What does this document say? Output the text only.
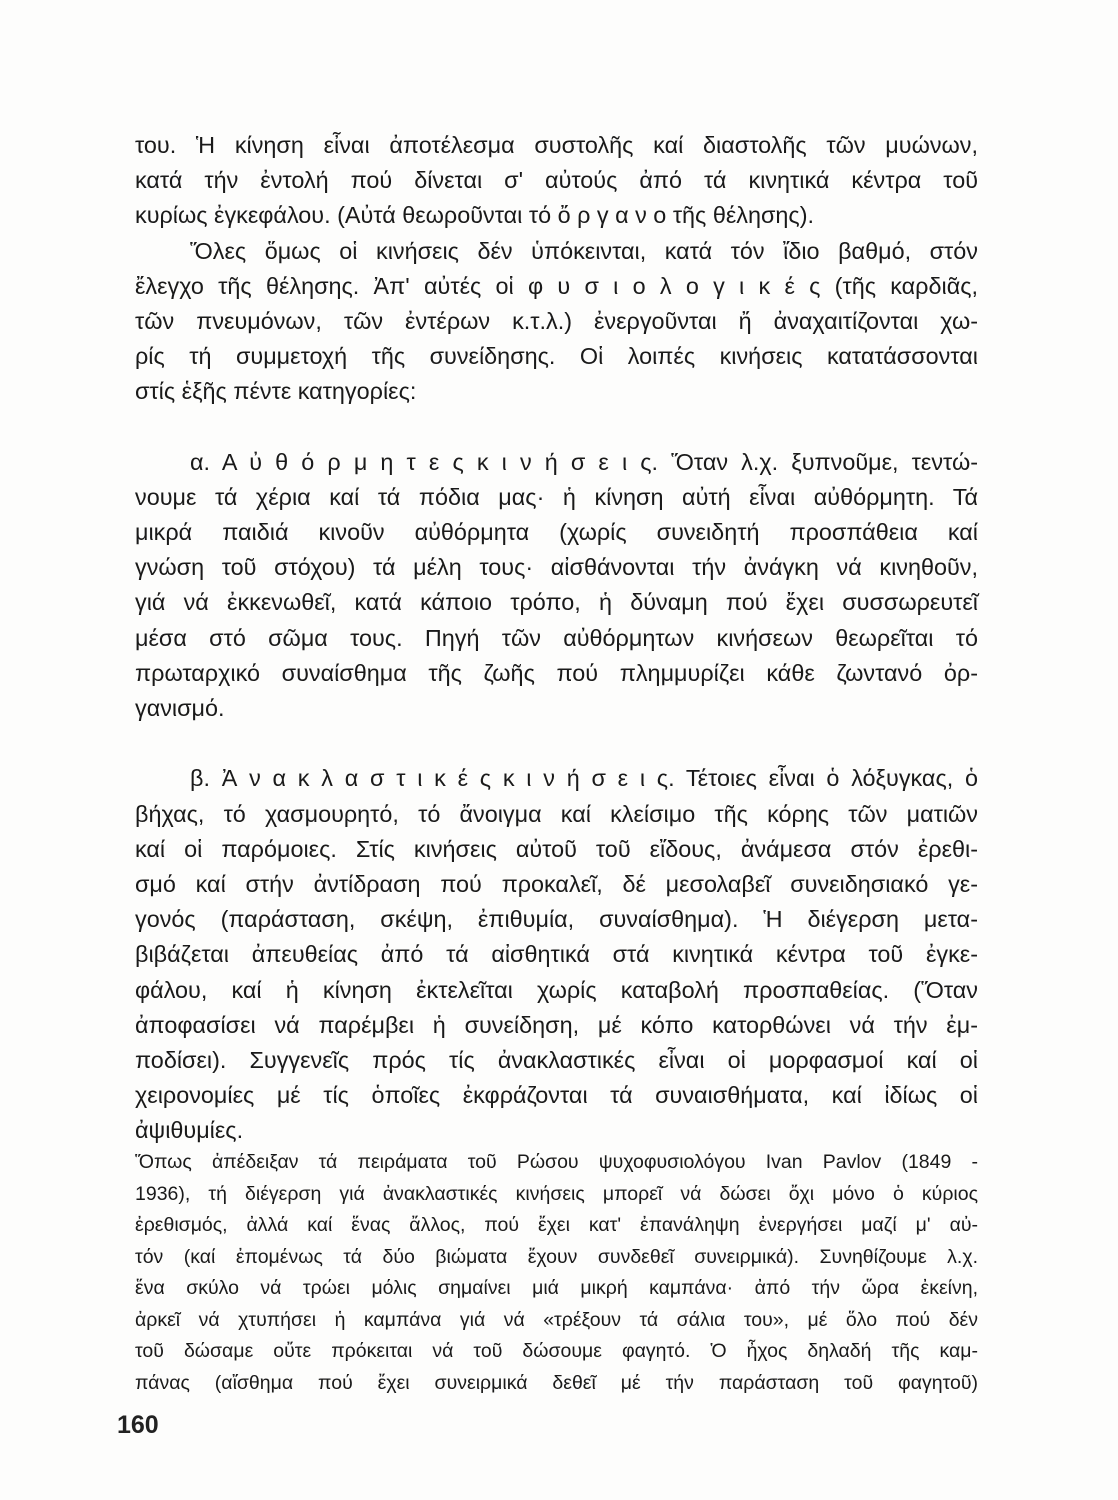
του. Ἡ κίνηση εἶναι ἀποτέλεσμα συστολῆς καί διαστολῆς τῶν μυώνων,
κατά τήν ἐντολή πού δίνεται σ' αὐτούς ἀπό τά κινητικά κέντρα τοῦ
κυρίως ἐγκεφάλου. (Αὐτά θεωροῦνται τό ὄ ρ γ α ν ο τῆς θέλησης).
Ὅλες ὅμως οἱ κινήσεις δέν ὑπόκεινται, κατά τόν ἴδιο βαθμό, στόν
ἔλεγχο τῆς θέλησης. Ἀπ' αὐτές οἱ φ υ σ ι ο λ ο γ ι κ έ ς (τῆς καρδιᾶς,
τῶν πνευμόνων, τῶν ἐντέρων κ.τ.λ.) ἐνεργοῦνται ἤ ἀναχαιτίζονται χω-
ρίς τή συμμετοχή τῆς συνείδησης. Οἱ λοιπές κινήσεις κατατάσσονται
στίς ἑξῆς πέντε κατηγορίες:

α. Α ὐ θ ό ρ μ η τ ε ς κ ι ν ή σ ε ι ς. Ὅταν λ.χ. ξυπνοῦμε, τεντώ-
νουμε τά χέρια καί τά πόδια μας· ἡ κίνηση αὐτή εἶναι αὐθόρμητη. Τά
μικρά παιδιά κινοῦν αὐθόρμητα (χωρίς συνειδητή προσπάθεια καί
γνώση τοῦ στόχου) τά μέλη τους· αἰσθάνονται τήν ἀνάγκη νά κινηθοῦν,
γιά νά ἐκκενωθεῖ, κατά κάποιο τρόπο, ἡ δύναμη πού ἔχει συσσωρευτεῖ
μέσα στό σῶμα τους. Πηγή τῶν αὐθόρμητων κινήσεων θεωρεῖται τό
πρωταρχικό συναίσθημα τῆς ζωῆς πού πλημμυρίζει κάθε ζωντανό ὀρ-
γανισμό.

β. Ἀ ν α κ λ α σ τ ι κ έ ς κ ι ν ή σ ε ι ς. Τέτοιες εἶναι ὁ λόξυγκας, ὁ
βήχας, τό χασμουρητό, τό ἄνοιγμα καί κλείσιμο τῆς κόρης τῶν ματιῶν
καί οἱ παρόμοιες. Στίς κινήσεις αὐτοῦ τοῦ εἴδους, ἀνάμεσα στόν ἐρεθι-
σμό καί στήν ἀντίδραση πού προκαλεῖ, δέ μεσολαβεῖ συνειδησιακό γε-
γονός (παράσταση, σκέψη, ἐπιθυμία, συναίσθημα). Ἡ διέγερση μετα-
βιβάζεται ἀπευθείας ἀπό τά αἰσθητικά στά κινητικά κέντρα τοῦ ἐγκε-
φάλου, καί ἡ κίνηση ἐκτελεῖται χωρίς καταβολή προσπαθείας. (Ὅταν
ἀποφασίσει νά παρέμβει ἡ συνείδηση, μέ κόπο κατορθώνει νά τήν ἐμ-
ποδίσει). Συγγενεῖς πρός τίς ἀνακλαστικές εἶναι οἱ μορφασμοί καί οἱ
χειρονομίες μέ τίς ὁποῖες ἐκφράζονται τά συναισθήματα, καί ἰδίως οἱ
ἀψιθυμίες.
Ὅπως ἀπέδειξαν τά πειράματα τοῦ Ρώσου ψυχοφυσιολόγου Ivan Pavlov (1849 -
1936), τή διέγερση γιά ἀνακλαστικές κινήσεις μπορεῖ νά δώσει ὄχι μόνο ὁ κύριος
ἐρεθισμός, ἀλλά καί ἕνας ἄλλος, πού ἔχει κατ' ἐπανάληψη ἐνεργήσει μαζί μ' αὐ-
τόν (καί ἐπομένως τά δύο βιώματα ἔχουν συνδεθεῖ συνειρμικά). Συνηθίζουμε λ.χ.
ἕνα σκύλο νά τρώει μόλις σημαίνει μιά μικρή καμπάνα· ἀπό τήν ὥρα ἐκείνη,
ἀρκεῖ νά χτυπήσει ἡ καμπάνα γιά νά «τρέξουν τά σάλια του», μέ ὅλο πού δέν
τοῦ δώσαμε οὔτε πρόκειται νά τοῦ δώσουμε φαγητό. Ὁ ἦχος δηλαδή τῆς καμ-
πάνας (αἴσθημα πού ἔχει συνειρμικά δεθεῖ μέ τήν παράσταση τοῦ φαγητοῦ)
160
